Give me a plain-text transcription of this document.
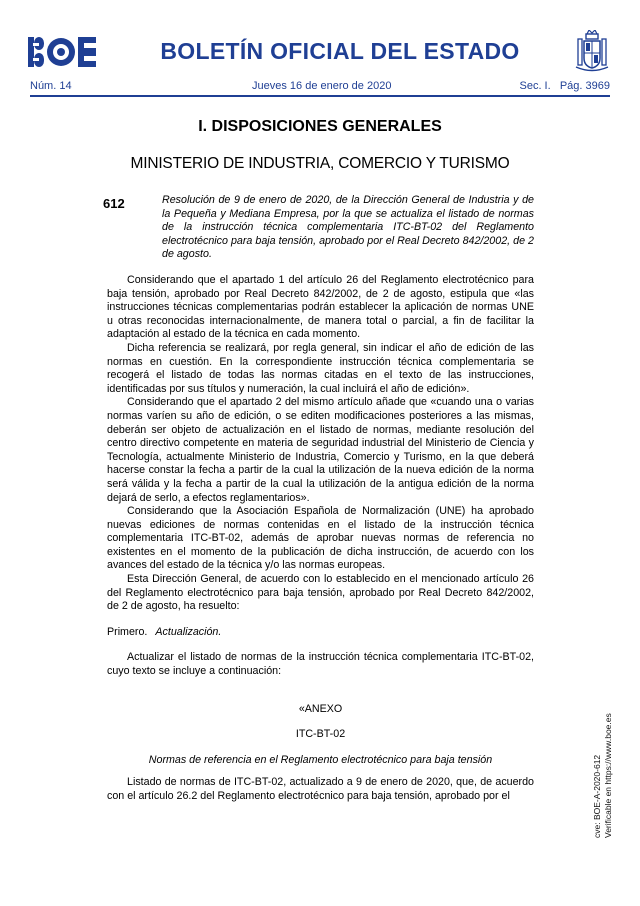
BOLETÍN OFICIAL DEL ESTADO
Núm. 14	Jueves 16 de enero de 2020	Sec. I.   Pág. 3969
I. DISPOSICIONES GENERALES
MINISTERIO DE INDUSTRIA, COMERCIO Y TURISMO
612	Resolución de 9 de enero de 2020, de la Dirección General de Industria y de la Pequeña y Mediana Empresa, por la que se actualiza el listado de normas de la instrucción técnica complementaria ITC-BT-02 del Reglamento electrotécnico para baja tensión, aprobado por el Real Decreto 842/2002, de 2 de agosto.

Considerando que el apartado 1 del artículo 26 del Reglamento electrotécnico para baja tensión, aprobado por Real Decreto 842/2002, de 2 de agosto, estipula que «las instrucciones técnicas complementarias podrán establecer la aplicación de normas UNE u otras reconocidas internacionalmente, de manera total o parcial, a fin de facilitar la adaptación al estado de la técnica en cada momento.

Dicha referencia se realizará, por regla general, sin indicar el año de edición de las normas en cuestión. En la correspondiente instrucción técnica complementaria se recogerá el listado de todas las normas citadas en el texto de las instrucciones, identificadas por sus títulos y numeración, la cual incluirá el año de edición».

Considerando que el apartado 2 del mismo artículo añade que «cuando una o varias normas varíen su año de edición, o se editen modificaciones posteriores a las mismas, deberán ser objeto de actualización en el listado de normas, mediante resolución del centro directivo competente en materia de seguridad industrial del Ministerio de Ciencia y Tecnología, actualmente Ministerio de Industria, Comercio y Turismo, en la que deberá hacerse constar la fecha a partir de la cual la utilización de la nueva edición de la norma será válida y la fecha a partir de la cual la utilización de la antigua edición de la norma dejará de serlo, a efectos reglamentarios».

Considerando que la Asociación Española de Normalización (UNE) ha aprobado nuevas ediciones de normas contenidas en el listado de la instrucción técnica complementaria ITC-BT-02, además de aprobar nuevas normas de referencia no existentes en el momento de la publicación de dicha instrucción, de acuerdo con los avances del estado de la técnica y/o las normas europeas.

Esta Dirección General, de acuerdo con lo establecido en el mencionado artículo 26 del Reglamento electrotécnico para baja tensión, aprobado por Real Decreto 842/2002, de 2 de agosto, ha resuelto:

Primero. Actualización.

Actualizar el listado de normas de la instrucción técnica complementaria ITC-BT-02, cuyo texto se incluye a continuación:

«ANEXO

ITC-BT-02

Normas de referencia en el Reglamento electrotécnico para baja tensión

Listado de normas de ITC-BT-02, actualizado a 9 de enero de 2020, que, de acuerdo con el artículo 26.2 del Reglamento electrotécnico para baja tensión, aprobado por el	cve: BOE-A-2020-612 Verificable en https://www.boe.es
